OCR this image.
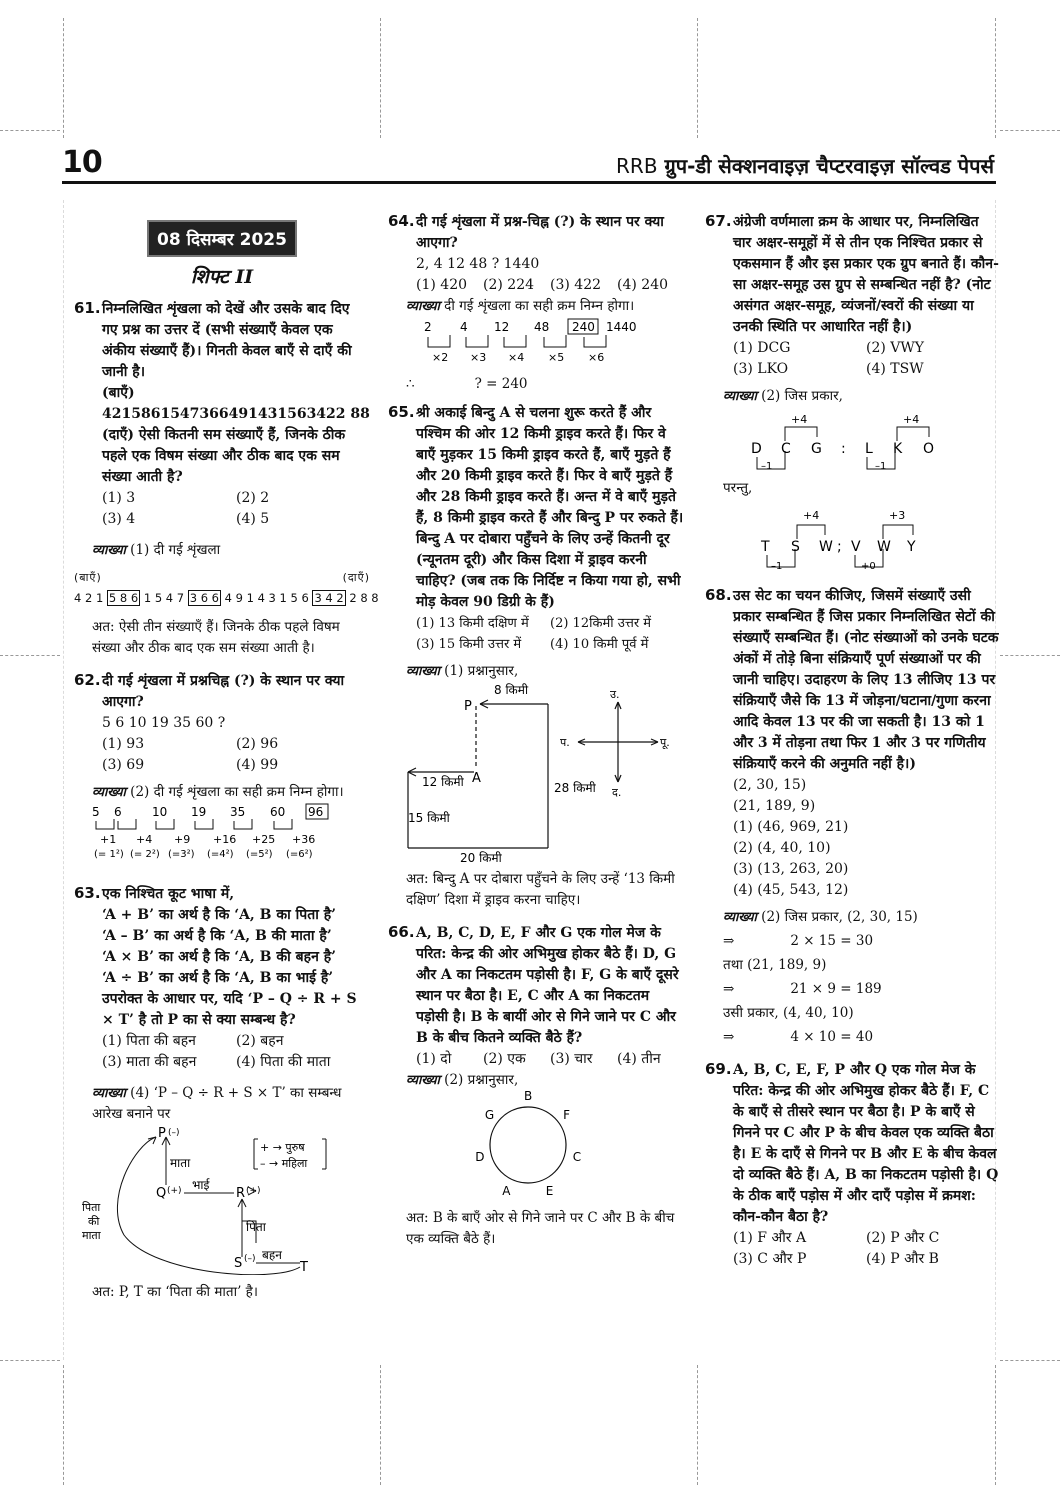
10	RRB ग्रुप-डी सेक्शनवाइज़ चैप्टरवाइज़ सॉल्वड पेपर्स
08 दिसम्बर 2025
शिफ्ट II
61. निम्नलिखित शृंखला को देखें और उसके बाद दिए गए प्रश्न का उत्तर दें (सभी संख्याएँ केवल एक अंकीय संख्याएँ हैं)। गिनती केवल बाएँ से दाएँ की जानी है।
(बाएँ) 4215861547366491431563422 88
(दाएँ) ऐसी कितनी सम संख्याएँ हैं, जिनके ठीक पहले एक विषम संख्या और ठीक बाद एक सम संख्या आती है?
(1) 3	(2) 2
(3) 4	(4) 5
व्याख्या (1) दी गई शृंखला
(बाएँ)	(दाएँ)
4 2 1 5 8 6 1 5 4 7 3 6 6 4 9 1 4 3 1 5 6 3 4 2 2 8 8
अत: ऐसी तीन संख्याएँ हैं। जिनके ठीक पहले विषम संख्या और ठीक बाद एक सम संख्या आती है।
62. दी गई शृंखला में प्रश्नचिह्न (?) के स्थान पर क्या आएगा?
5 6 10 19 35 60 ?
(1) 93	(2) 96
(3) 69	(4) 99
व्याख्या (2) दी गई शृंखला का सही क्रम निम्न होगा।
5 6	10 19 35 60 96
+1 +4 +9 +16 +25 +36
(= 1²) (= 2²) (=3²) (=4²) (=5²) (=6²)
63. एक निश्चित कूट भाषा में,
‘A + B’ का अर्थ है कि ‘A, B का पिता है’
‘A – B’ का अर्थ है कि ‘A, B की माता है’
‘A × B’ का अर्थ है कि ‘A, B की बहन है’
‘A ÷ B’ का अर्थ है कि ‘A, B का भाई है’
उपरोक्त के आधार पर, यदि ‘P – Q ÷ R + S × T’ है तो P का से क्या सम्बन्ध है?
(1) पिता की बहन	(2) बहन
(3) माता की बहन	(4) पिता की माता
व्याख्या (4) ‘P – Q ÷ R + S × T’ का सम्बन्ध आरेख बनाने पर
P (–)
माता
Q (+) भाई
R (+)
पिता
S (–) बहन
T
पिता
की
माता
+ → पुरुष
– → महिला
अत: P, T का ‘पिता की माता’ है।
64. दी गई शृंखला में प्रश्न-चिह्न (?) के स्थान पर क्या आएगा?
2, 4 12 48 ? 1440
(1) 420	(2) 224	(3) 422	(4) 240
व्याख्या दी गई शृंखला का सही क्रम निम्न होगा।
2 4 12 48 240 1440
×2 ×3 ×4 ×5 ×6
∴	? = 240
65. श्री अकाई बिन्दु A से चलना शुरू करते हैं और पश्चिम की ओर 12 किमी ड्राइव करते हैं। फिर वे बाएँ मुड़कर 15 किमी ड्राइव करते हैं, बाएँ मुड़ते हैं और 20 किमी ड्राइव करते हैं। फिर वे बाएँ मुड़ते हैं और 28 किमी ड्राइव करते हैं। अन्त में वे बाएँ मुड़ते हैं, 8 किमी ड्राइव करते हैं और बिन्दु P पर रुकते हैं। बिन्दु A पर दोबारा पहुँचने के लिए उन्हें कितनी दूर (न्यूनतम दूरी) और किस दिशा में ड्राइव करनी चाहिए? (जब तक कि निर्दिष्ट न किया गया हो, सभी मोड़ केवल 90 डिग्री के हैं)
(1) 13 किमी दक्षिण में	(2) 12किमी उत्तर में
(3) 15 किमी उत्तर में	(4) 10 किमी पूर्व में
व्याख्या (1) प्रश्नानुसार,
8 किमी
P
12 किमी A
28 किमी
15 किमी
20 किमी
उ.
द.
प.	पू.
अत: बिन्दु A पर दोबारा पहुँचने के लिए उन्हें ‘13 किमी दक्षिण’ दिशा में ड्राइव करना चाहिए।
66. A, B, C, D, E, F और G एक गोल मेज के परित: केन्द्र की ओर अभिमुख होकर बैठे हैं। D, G और A का निकटतम पड़ोसी है। F, G के बाएँ दूसरे स्थान पर बैठा है। E, C और A का निकटतम पड़ोसी है। B के बायीं ओर से गिने जाने पर C और B के बीच कितने व्यक्ति बैठे हैं?
(1) दो	(2) एक	(3) चार	(4) तीन
व्याख्या (2) प्रश्नानुसार,
B
F
C
E
A
D
G
अत: B के बाएँ ओर से गिने जाने पर C और B के बीच एक व्यक्ति बैठे हैं।
67. अंग्रेजी वर्णमाला क्रम के आधार पर, निम्नलिखित चार अक्षर-समूहों में से तीन एक निश्चित प्रकार से एकसमान हैं और इस प्रकार एक ग्रुप बनाते हैं। कौन-सा अक्षर-समूह उस ग्रुप से सम्बन्धित नहीं है? (नोट असंगत अक्षर-समूह, व्यंजनों/स्वरों की संख्या या उनकी स्थिति पर आधारित नहीं है।)
(1) DCG	(2) VWY
(3) LKO	(4) TSW
व्याख्या (2) जिस प्रकार,
+4	+4
D C G : L K O
–1	–1
परन्तु,
+4	+3
T S W ; V W Y
–1	+0
68. उस सेट का चयन कीजिए, जिसमें संख्याएँ उसी प्रकार सम्बन्धित हैं जिस प्रकार निम्नलिखित सेटों की संख्याएँ सम्बन्धित हैं। (नोट संख्याओं को उनके घटक अंकों में तोड़े बिना संक्रियाएँ पूर्ण संख्याओं पर की जानी चाहिए। उदाहरण के लिए 13 लीजिए 13 पर संक्रियाएँ जैसे कि 13 में जोड़ना/घटाना/गुणा करना आदि केवल 13 पर की जा सकती है। 13 को 1 और 3 में तोड़ना तथा फिर 1 और 3 पर गणितीय संक्रियाएँ करने की अनुमति नहीं है।)
(2, 30, 15)
(21, 189, 9)
(1) (46, 969, 21)
(2) (4, 40, 10)
(3) (13, 263, 20)
(4) (45, 543, 12)
व्याख्या (2) जिस प्रकार, (2, 30, 15)
⇒	2 × 15 = 30
तथा (21, 189, 9)
⇒	21 × 9 = 189
उसी प्रकार, (4, 40, 10)
⇒	4 × 10 = 40
69. A, B, C, E, F, P और Q एक गोल मेज के परित: केन्द्र की ओर अभिमुख होकर बैठे हैं। F, C के बाएँ से तीसरे स्थान पर बैठा है। P के बाएँ से गिनने पर C और P के बीच केवल एक व्यक्ति बैठा है। E के दाएँ से गिनने पर B और E के बीच केवल दो व्यक्ति बैठे हैं। A, B का निकटतम पड़ोसी है। Q के ठीक बाएँ पड़ोस में और दाएँ पड़ोस में क्रमश: कौन-कौन बैठा है?
(1) F और A	(2) P और C
(3) C और P	(4) P और B
